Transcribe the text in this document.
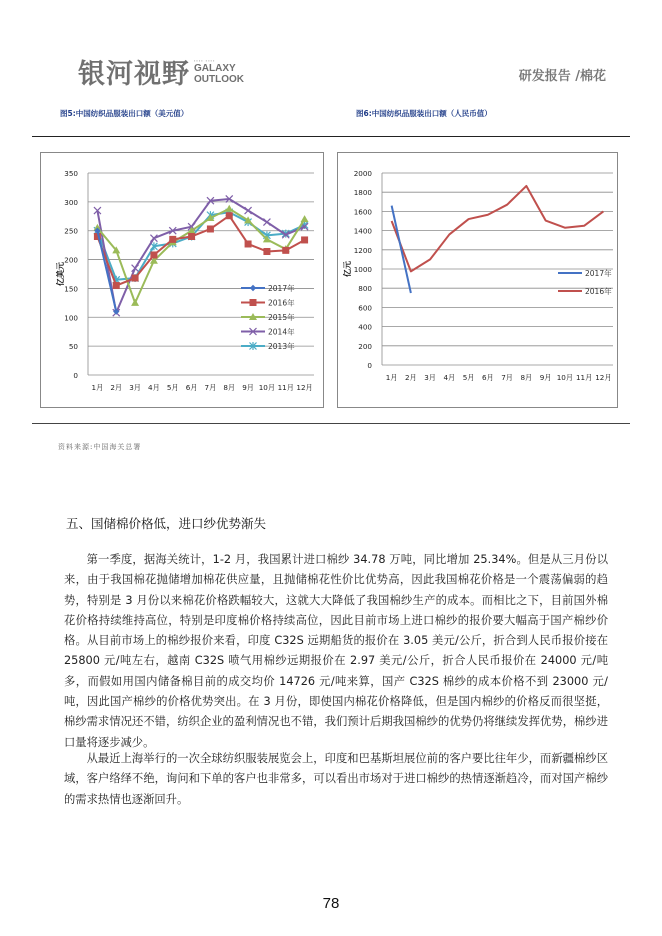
银河视野 ▪▪▪▪ ▪▪▪▪
GALAXY
OUTLOOK	研发报告 /棉花
图5:中国纺织品服装出口额（美元值）	图6:中国纺织品服装出口额（人民币值）
0
50
100
150
200
250
300
350
1月 2月 3月 4月 5月 6月 7月 8月 9月 10月 11月 12月
亿美元
2017年
2016年
2015年
2014年
2013年
0
200
400
600
800
1000
1200
1400
1600
1800
2000
1月 2月 3月 4月 5月 6月 7月 8月 9月 10月 11月 12月
亿元	2017年
2016年
资料来源:中国海关总署
五、国储棉价格低，进口纱优势渐失

第一季度，据海关统计，1-2 月，我国累计进口棉纱 34.78 万吨，同比增加 25.34%。但是从三月份以来，由于我国棉花抛储增加棉花供应量，且抛储棉花性价比优势高，因此我国棉花价格是一个震荡偏弱的趋势，特别是 3 月份以来棉花价格跌幅较大，这就大大降低了我国棉纱生产的成本。而相比之下，目前国外棉花价格持续维持高位，特别是印度棉价格持续高位，因此目前市场上进口棉纱的报价要大幅高于国产棉纱价格。从目前市场上的棉纱报价来看，印度 C32S 远期船货的报价在 3.05 美元/公斤，折合到人民币报价接在 25800 元/吨左右，越南 C32S 喷气用棉纱远期报价在 2.97 美元/公斤，折合人民币报价在 24000 元/吨多，而假如用国内储备棉目前的成交均价 14726 元/吨来算，国产 C32S 棉纱的成本价格不到 23000 元/吨，因此国产棉纱的价格优势突出。在 3 月份，即使国内棉花价格降低，但是国内棉纱的价格反而很坚挺，棉纱需求情况还不错，纺织企业的盈利情况也不错，我们预计后期我国棉纱的优势仍将继续发挥优势，棉纱进口量将逐步减少。

从最近上海举行的一次全球纺织服装展览会上，印度和巴基斯坦展位前的客户要比往年少，而新疆棉纱区域，客户络绎不绝，询问和下单的客户也非常多，可以看出市场对于进口棉纱的热情逐渐趋冷，而对国产棉纱的需求热情也逐渐回升。

78
